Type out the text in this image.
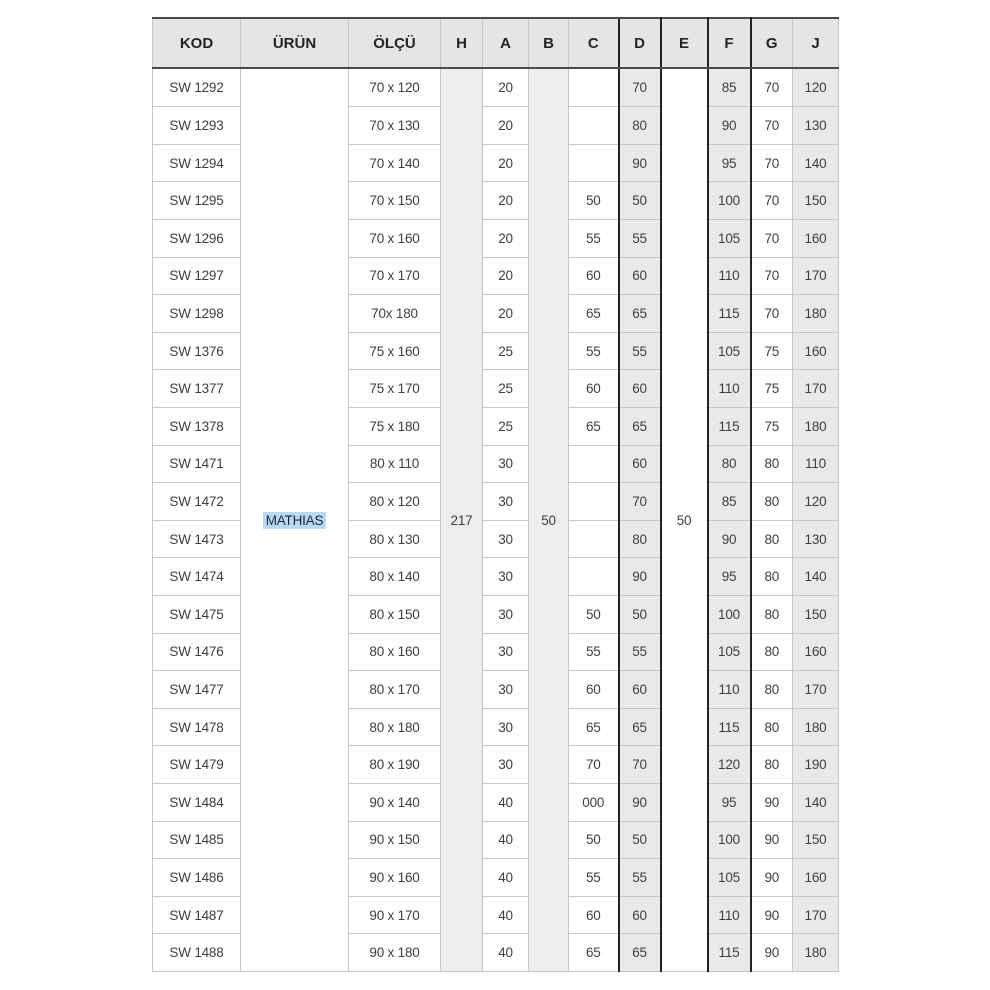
KOD	ÜRÜN	ÖLÇÜ	H	A	B	C	D	E	F	G	J
SW 1292	MATHIAS	70 x 120	217	20	50		70	50	85	70	120
SW 1293		70 x 130		20			80		90	70	130
SW 1294		70 x 140		20			90		95	70	140
SW 1295		70 x 150		20		50	50		100	70	150
SW 1296		70 x 160		20		55	55		105	70	160
SW 1297		70 x 170		20		60	60		110	70	170
SW 1298		70x 180		20		65	65		115	70	180
SW 1376		75 x 160		25		55	55		105	75	160
SW 1377		75 x 170		25		60	60		110	75	170
SW 1378		75 x 180		25		65	65		115	75	180
SW 1471		80 x 110		30			60		80	80	110
SW 1472		80 x 120		30			70		85	80	120
SW 1473		80 x 130		30			80		90	80	130
SW 1474		80 x 140		30			90		95	80	140
SW 1475		80 x 150		30		50	50		100	80	150
SW 1476		80 x 160		30		55	55		105	80	160
SW 1477		80 x 170		30		60	60		110	80	170
SW 1478		80 x 180		30		65	65		115	80	180
SW 1479		80 x 190		30		70	70		120	80	190
SW 1484		90 x 140		40		000	90		95	90	140
SW 1485		90 x 150		40		50	50		100	90	150
SW 1486		90 x 160		40		55	55		105	90	160
SW 1487		90 x 170		40		60	60		110	90	170
SW 1488		90 x 180		40		65	65		115	90	180
